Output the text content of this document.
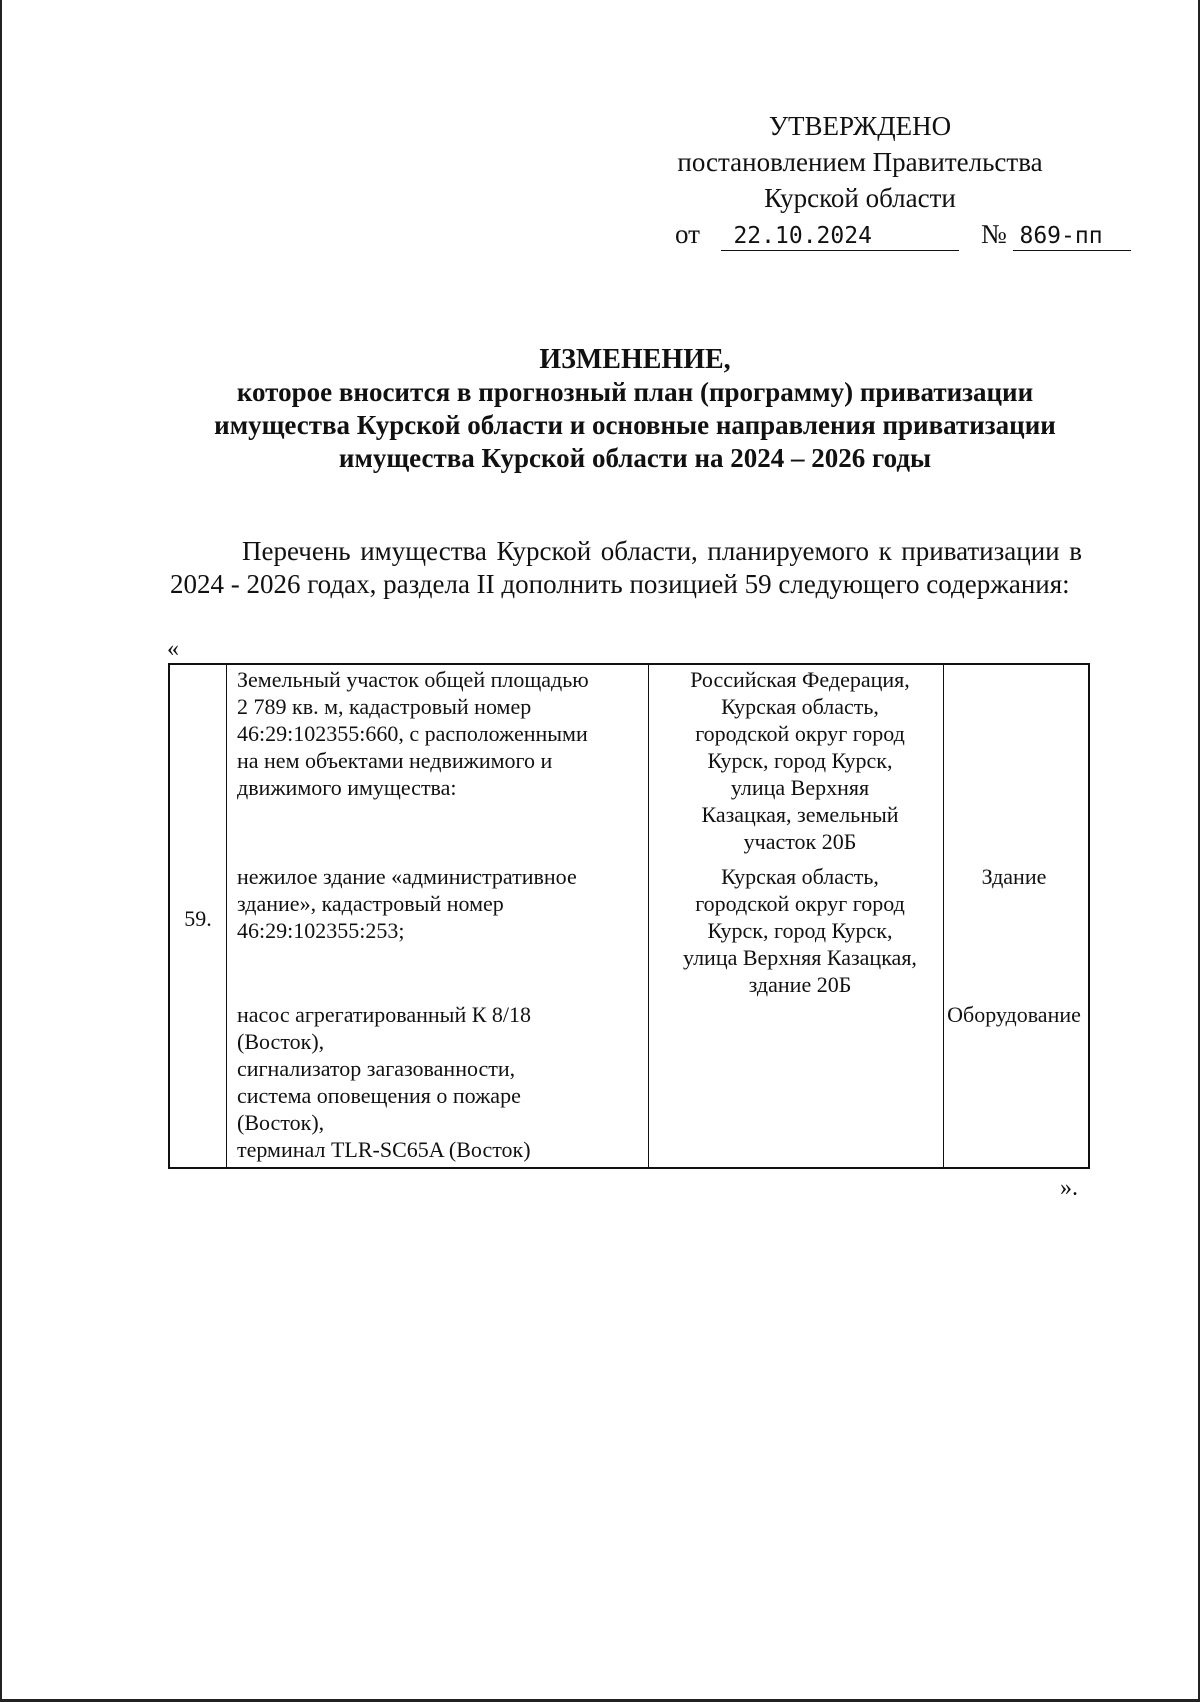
УТВЕРЖДЕНО
постановлением Правительства
Курской области
от 22.10.2024	№ 869-пп
ИЗМЕНЕНИЕ,
которое вносится в прогнозный план (программу) приватизации
имущества Курской области и основные направления приватизации
имущества Курской области на 2024 – 2026 годы

Перечень имущества Курской области, планируемого к приватизации в 2024 - 2026 годах, раздела II дополнить позицией 59 следующего содержания:

«
59.
Земельный участок общей площадью
2 789 кв. м, кадастровый номер
46:29:102355:660, с расположенными
на нем объектами недвижимого и
движимого имущества:
нежилое здание «административное
здание», кадастровый номер
46:29:102355:253;
насос агрегатированный К 8/18
(Восток),
сигнализатор загазованности,
система оповещения о пожаре
(Восток),
терминал TLR-SC65A (Восток)
Российская Федерация,
Курская область,
городской округ город
Курск, город Курск,
улица Верхняя
Казацкая, земельный
участок 20Б
Курская область,
городской округ город
Курск, город Курск,
улица Верхняя Казацкая,
здание 20Б
Здание
Оборудование
».
